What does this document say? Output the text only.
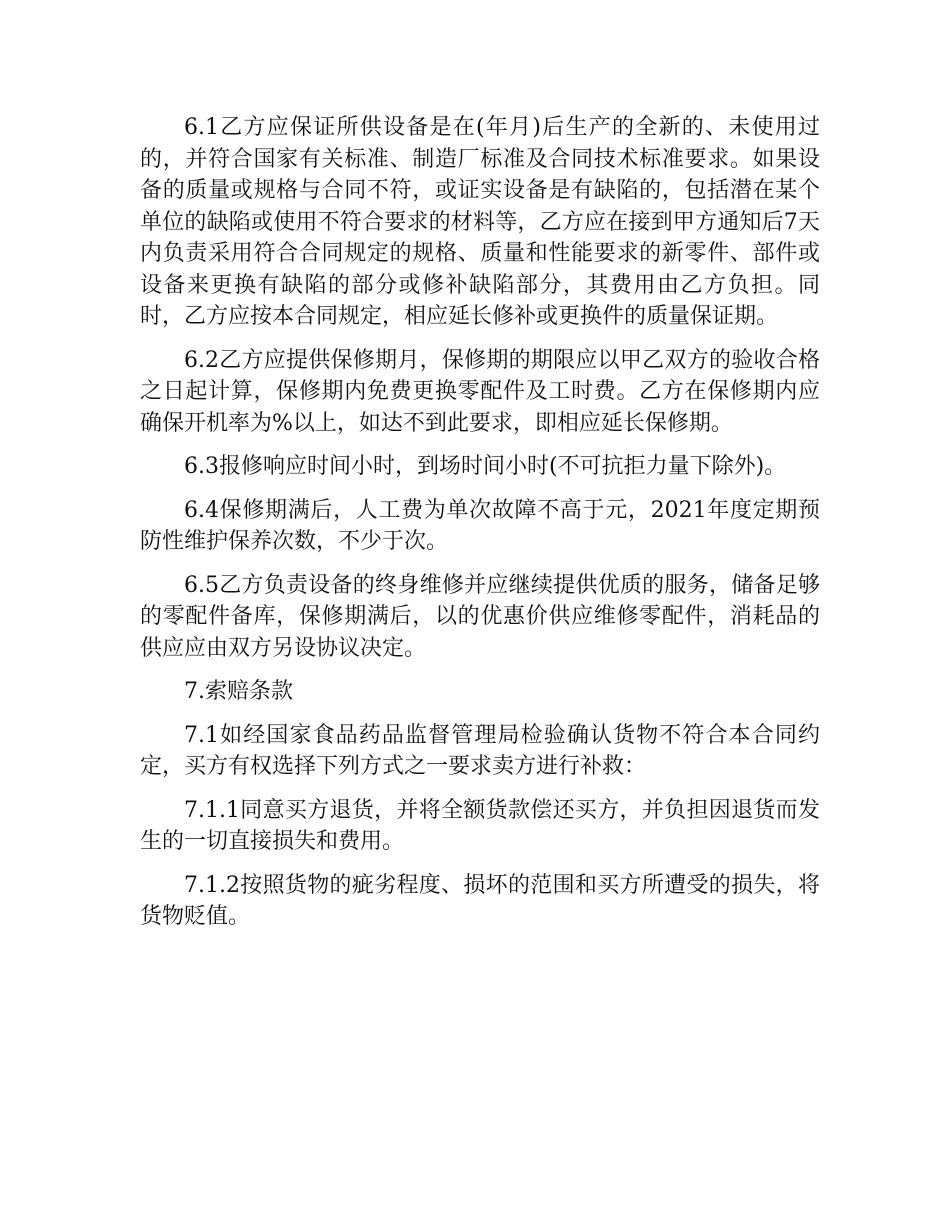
6.1乙方应保证所供设备是在(年月)后生产的全新的、未使用过的，并符合国家有关标准、制造厂标准及合同技术标准要求。如果设备的质量或规格与合同不符，或证实设备是有缺陷的，包括潜在某个单位的缺陷或使用不符合要求的材料等，乙方应在接到甲方通知后7天内负责采用符合合同规定的规格、质量和性能要求的新零件、部件或设备来更换有缺陷的部分或修补缺陷部分，其费用由乙方负担。同时，乙方应按本合同规定，相应延长修补或更换件的质量保证期。

6.2乙方应提供保修期月，保修期的期限应以甲乙双方的验收合格之日起计算，保修期内免费更换零配件及工时费。乙方在保修期内应确保开机率为%以上，如达不到此要求，即相应延长保修期。

6.3报修响应时间小时，到场时间小时(不可抗拒力量下除外)。

6.4保修期满后，人工费为单次故障不高于元，2021年度定期预防性维护保养次数，不少于次。

6.5乙方负责设备的终身维修并应继续提供优质的服务，储备足够的零配件备库，保修期满后，以的优惠价供应维修零配件，消耗品的供应应由双方另设协议决定。

7.索赔条款

7.1如经国家食品药品监督管理局检验确认货物不符合本合同约定，买方有权选择下列方式之一要求卖方进行补救：

7.1.1同意买方退货，并将全额货款偿还买方，并负担因退货而发生的一切直接损失和费用。

7.1.2按照货物的疵劣程度、损坏的范围和买方所遭受的损失，将货物贬值。
